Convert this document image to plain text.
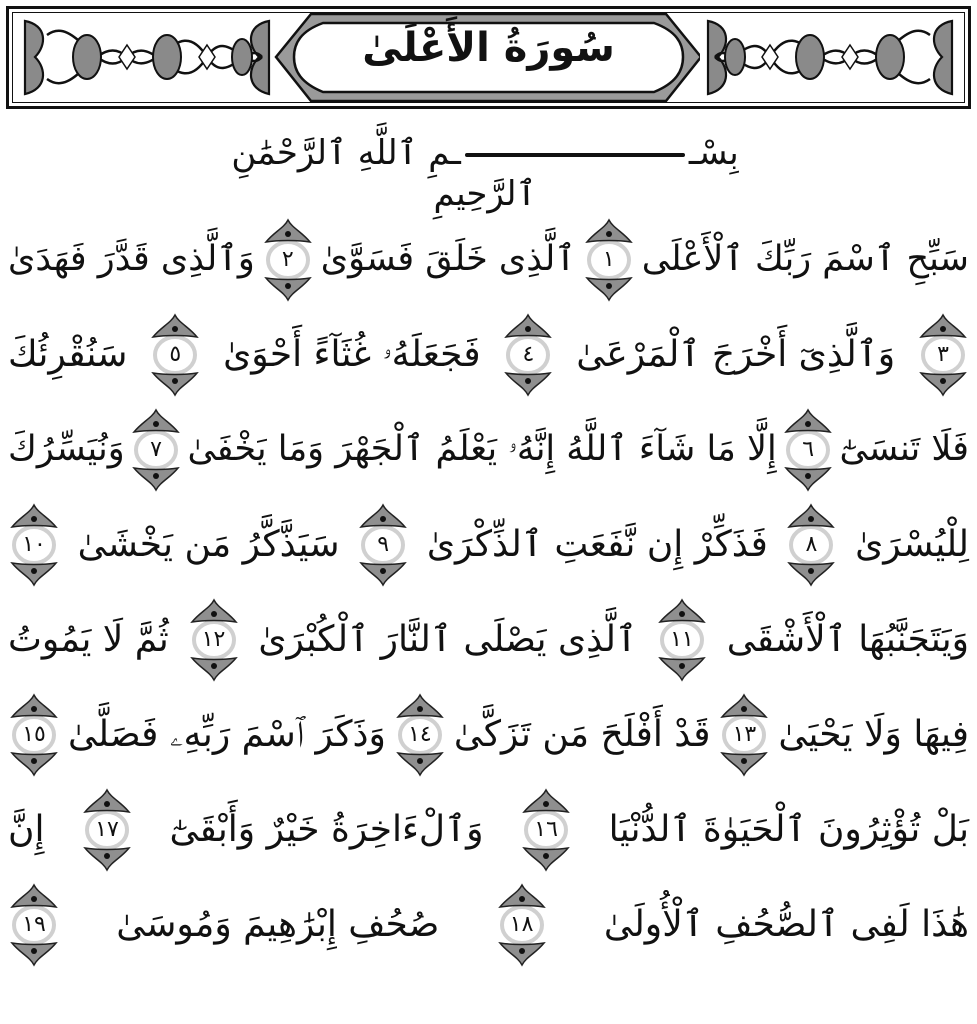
سُورَةُ الأَعْلَىٰ
بِسْــمِ ٱللَّهِ ٱلرَّحْمَٰنِ ٱلرَّحِيمِ
سَبِّحِ ٱسْمَ رَبِّكَ ٱلْأَعْلَى
١
ٱلَّذِى خَلَقَ فَسَوَّىٰ
٢
وَٱلَّذِى قَدَّرَ فَهَدَىٰ
٣
وَٱلَّذِىٓ أَخْرَجَ ٱلْمَرْعَىٰ
٤
فَجَعَلَهُۥ غُثَآءً أَحْوَىٰ
٥
سَنُقْرِئُكَ
فَلَا تَنسَىٰٓ
٦
إِلَّا مَا شَآءَ ٱللَّهُ إِنَّهُۥ يَعْلَمُ ٱلْجَهْرَ وَمَا يَخْفَىٰ
٧
وَنُيَسِّرُكَ
لِلْيُسْرَىٰ
٨
فَذَكِّرْ إِن نَّفَعَتِ ٱلذِّكْرَىٰ
٩
سَيَذَّكَّرُ مَن يَخْشَىٰ
١٠
وَيَتَجَنَّبُهَا ٱلْأَشْقَى
١١
ٱلَّذِى يَصْلَى ٱلنَّارَ ٱلْكُبْرَىٰ
١٢
ثُمَّ لَا يَمُوتُ
فِيهَا وَلَا يَحْيَىٰ
١٣
قَدْ أَفْلَحَ مَن تَزَكَّىٰ
١٤
وَذَكَرَ ٱسْمَ رَبِّهِۦ فَصَلَّىٰ
١٥
بَلْ تُؤْثِرُونَ ٱلْحَيَوٰةَ ٱلدُّنْيَا
١٦
وَٱلْءَاخِرَةُ خَيْرٌ وَأَبْقَىٰٓ
١٧
إِنَّ
هَٰذَا لَفِى ٱلصُّحُفِ ٱلْأُولَىٰ
١٨
صُحُفِ إِبْرَٰهِيمَ وَمُوسَىٰ
١٩
